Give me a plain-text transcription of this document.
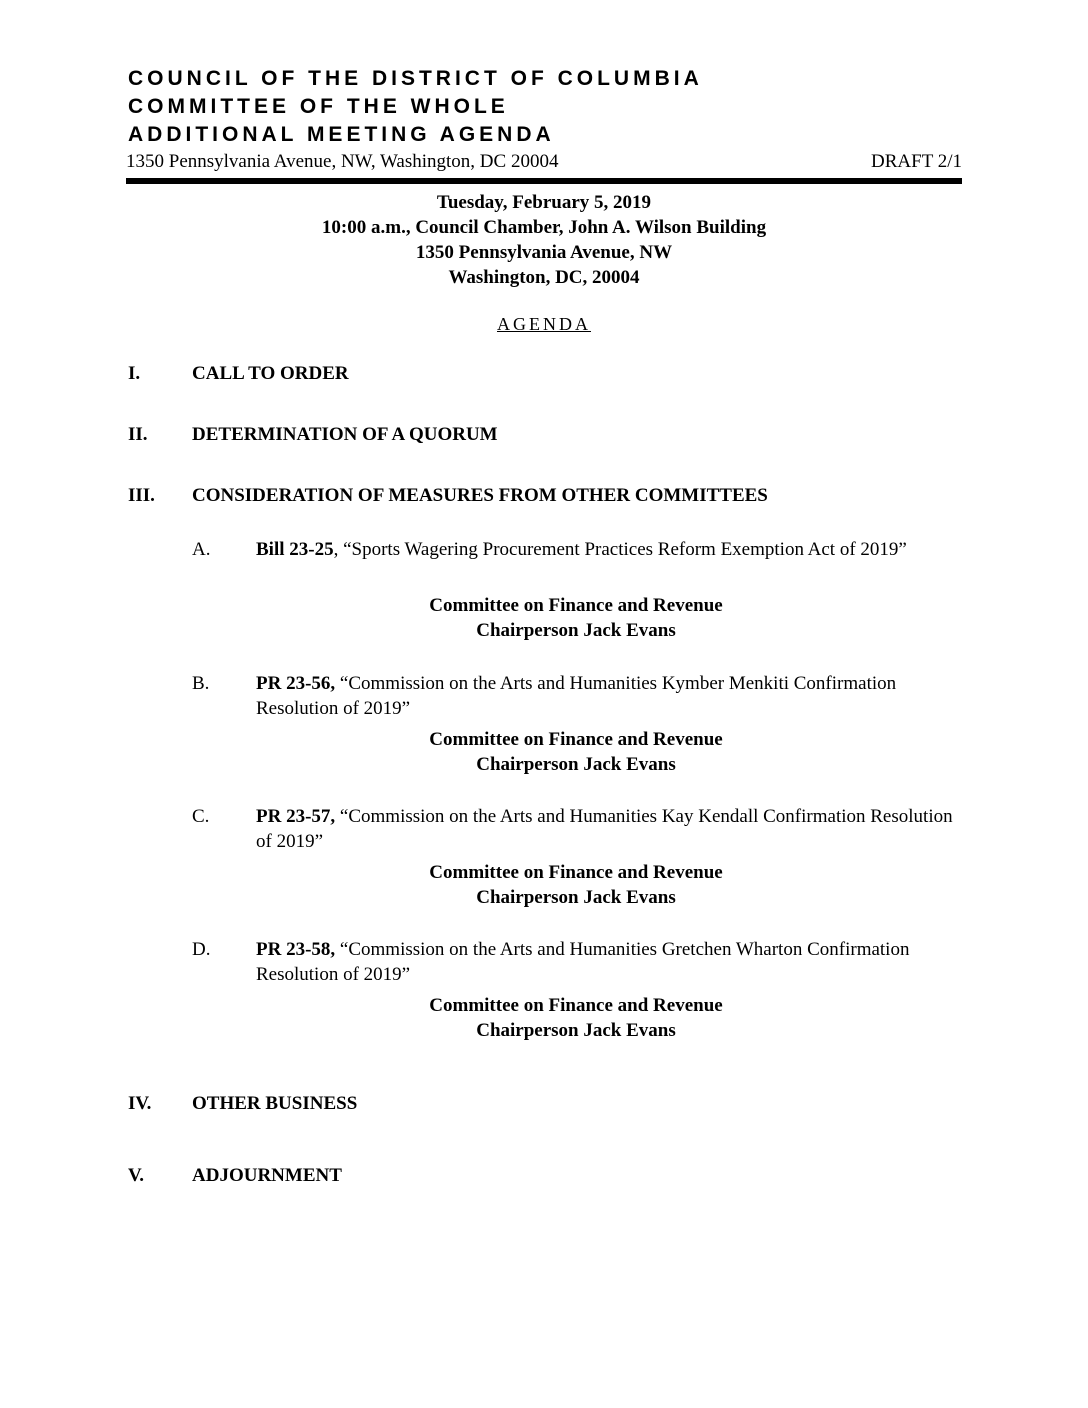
COUNCIL OF THE DISTRICT OF COLUMBIA
COMMITTEE OF THE WHOLE
ADDITIONAL MEETING AGENDA
1350 Pennsylvania Avenue, NW, Washington, DC 20004	DRAFT 2/1
Tuesday, February 5, 2019
10:00 a.m., Council Chamber, John A. Wilson Building
1350 Pennsylvania Avenue, NW
Washington, DC, 20004
AGENDA
I.	CALL TO ORDER
II.	DETERMINATION OF A QUORUM
III.	CONSIDERATION OF MEASURES FROM OTHER COMMITTEES
A. Bill 23-25, “Sports Wagering Procurement Practices Reform Exemption Act of 2019”
Committee on Finance and Revenue
Chairperson Jack Evans
B. PR 23-56, “Commission on the Arts and Humanities Kymber Menkiti Confirmation Resolution of 2019”
Committee on Finance and Revenue
Chairperson Jack Evans
C. PR 23-57, “Commission on the Arts and Humanities Kay Kendall Confirmation Resolution of 2019”
Committee on Finance and Revenue
Chairperson Jack Evans
D. PR 23-58, “Commission on the Arts and Humanities Gretchen Wharton Confirmation Resolution of 2019”
Committee on Finance and Revenue
Chairperson Jack Evans
IV.	OTHER BUSINESS
V.	ADJOURNMENT
